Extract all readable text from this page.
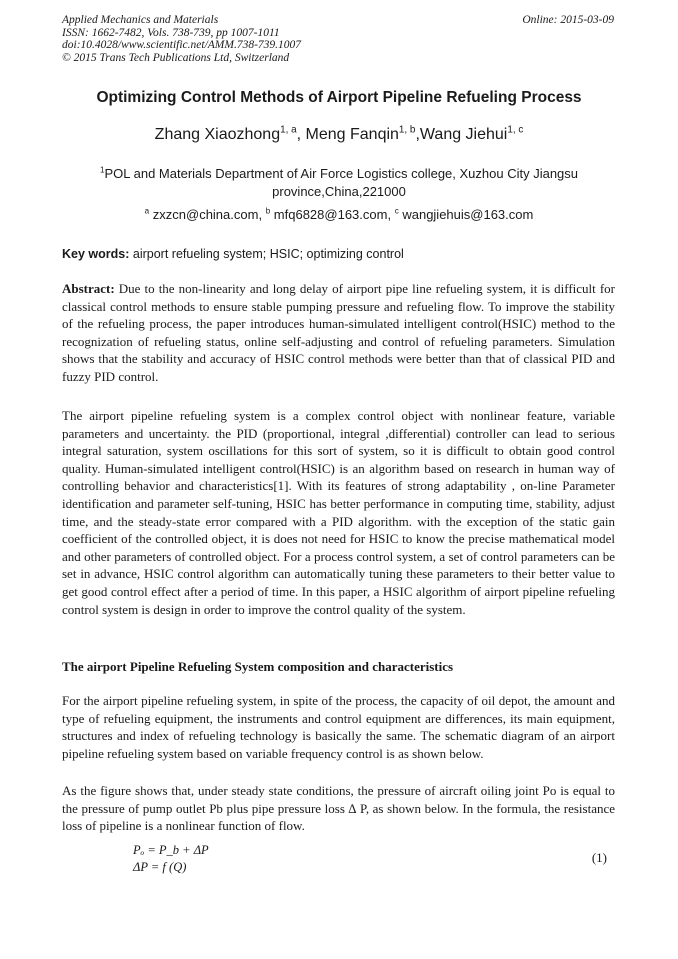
Applied Mechanics and Materials
ISSN: 1662-7482, Vols. 738-739, pp 1007-1011
doi:10.4028/www.scientific.net/AMM.738-739.1007
© 2015 Trans Tech Publications Ltd, Switzerland
Online: 2015-03-09
Optimizing Control Methods of Airport Pipeline Refueling Process
Zhang Xiaozhong$^{1, a}$, Meng Fanqin$^{1, b}$,Wang Jiehui$^{1, c}$
$^1$POL and Materials Department of Air Force Logistics college, Xuzhou City Jiangsu province,China,221000
$^a$ zxzcn@china.com, $^b$ mfq6828@163.com, $^c$ wangjiehuis@163.com
Key words: airport refueling system; HSIC; optimizing control
Abstract: Due to the non-linearity and long delay of airport pipe line refueling system, it is difficult for classical control methods to ensure stable pumping pressure and refueling flow. To improve the stability of the refueling process, the paper introduces human-simulated intelligent control(HSIC) method to the recognization of refueling status, online self-adjusting and control of refueling parameters. Simulation shows that the stability and accuracy of HSIC control methods were better than that of classical PID and fuzzy PID control.
The airport pipeline refueling system is a complex control object with nonlinear feature, variable parameters and uncertainty. the PID (proportional, integral ,differential) controller can lead to serious integral saturation, system oscillations for this sort of system, so it is difficult to obtain good control quality. Human-simulated intelligent control(HSIC) is an algorithm based on research in human way of controlling behavior and characteristics[1]. With its features of strong adaptability , on-line Parameter identification and parameter self-tuning, HSIC has better performance in computing time, stability, adjust time, and the steady-state error compared with a PID algorithm. with the exception of the static gain coefficient of the controlled object, it is does not need for HSIC to know the precise mathematical model and other parameters of controlled object. For a process control system, a set of control parameters can be set in advance, HSIC control algorithm can automatically tuning these parameters to their better value to get good control effect after a period of time. In this paper, a HSIC algorithm of airport pipeline refueling control system is design in order to improve the control quality of the system.
The airport Pipeline Refueling System composition and characteristics
For the airport pipeline refueling system, in spite of the process, the capacity of oil depot, the amount and type of refueling equipment, the instruments and control equipment are differences, its main equipment, structures and index of refueling technology is basically the same. The schematic diagram of an airport pipeline refueling system based on variable frequency control is as shown below.
As the figure shows that, under steady state conditions, the pressure of aircraft oiling joint Po is equal to the pressure of pump outlet Pb plus pipe pressure loss ∆ P, as shown below. In the formula, the resistance loss of pipeline is a nonlinear function of flow.
Pₒ = P_b + ΔP
ΔP = f (Q)
(1)
